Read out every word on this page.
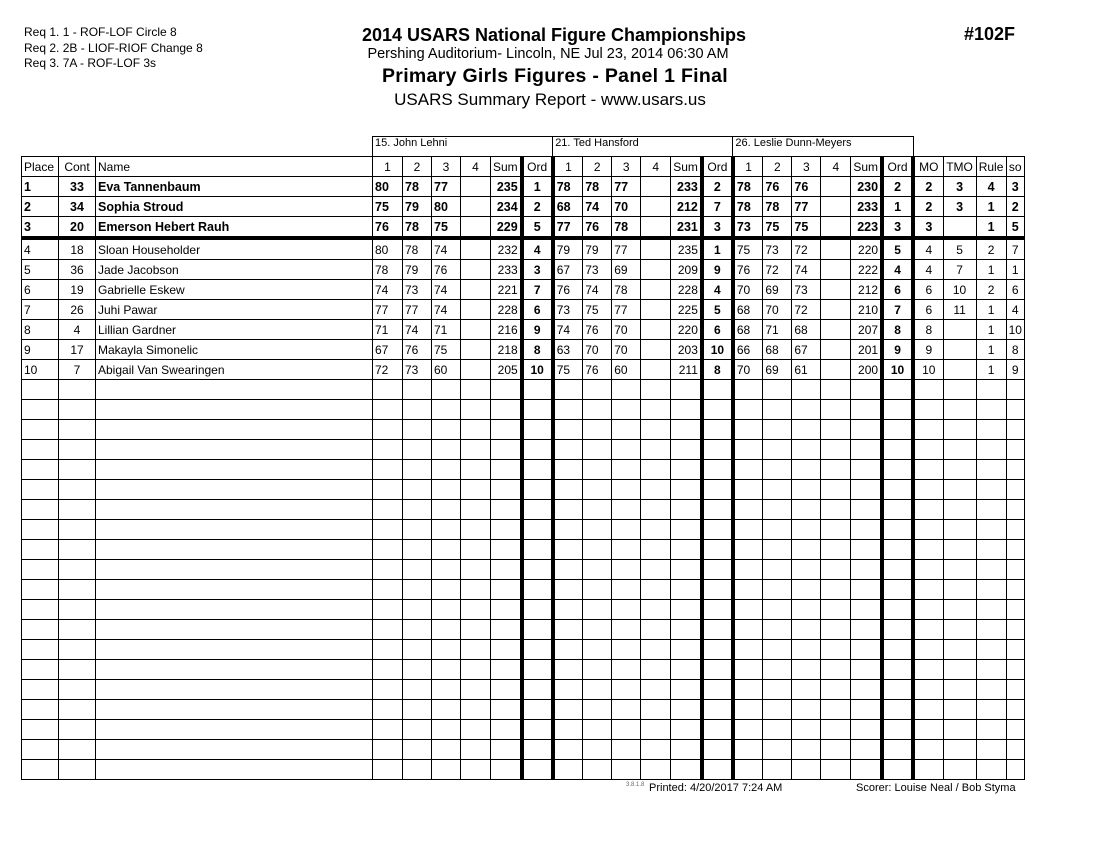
Req 1. 1 - ROF-LOF Circle 8
Req 2. 2B - LIOF-RIOF Change 8
Req 3. 7A - ROF-LOF 3s
2014 USARS National Figure Championships
Pershing Auditorium- Lincoln, NE Jul 23, 2014 06:30 AM
Primary Girls Figures - Panel 1 Final
USARS Summary Report - www.usars.us
#102F
			15. John Lehni						21. Ted Hansford						26. Leslie Dunn-Meyers									
Place	Cont	Name	1	2	3	4	Sum	Ord	1	2	3	4	Sum	Ord	1	2	3	4	Sum	Ord	MO	TMO	Rule	so
1	33	Eva Tannenbaum	80	78	77		235	1	78	78	77		233	2	78	76	76		230	2	2	3	4	3
2	34	Sophia Stroud	75	79	80		234	2	68	74	70		212	7	78	78	77		233	1	2	3	1	2
3	20	Emerson Hebert Rauh	76	78	75		229	5	77	76	78		231	3	73	75	75		223	3	3		1	5
4	18	Sloan Householder	80	78	74		232	4	79	79	77		235	1	75	73	72		220	5	4	5	2	7
5	36	Jade Jacobson	78	79	76		233	3	67	73	69		209	9	76	72	74		222	4	4	7	1	1
6	19	Gabrielle Eskew	74	73	74		221	7	76	74	78		228	4	70	69	73		212	6	6	10	2	6
7	26	Juhi Pawar	77	77	74		228	6	73	75	77		225	5	68	70	72		210	7	6	11	1	4
8	4	Lillian Gardner	71	74	71		216	9	74	76	70		220	6	68	71	68		207	8	8		1	10
9	17	Makayla Simonelic	67	76	75		218	8	63	70	70		203	10	66	68	67		201	9	9		1	8
10	7	Abigail Van Swearingen	72	73	60		205	10	75	76	60		211	8	70	69	61		200	10	10		1	9

3.8.1.8 Printed: 4/20/2017 7:24 AM	Scorer: Louise Neal / Bob Styma
